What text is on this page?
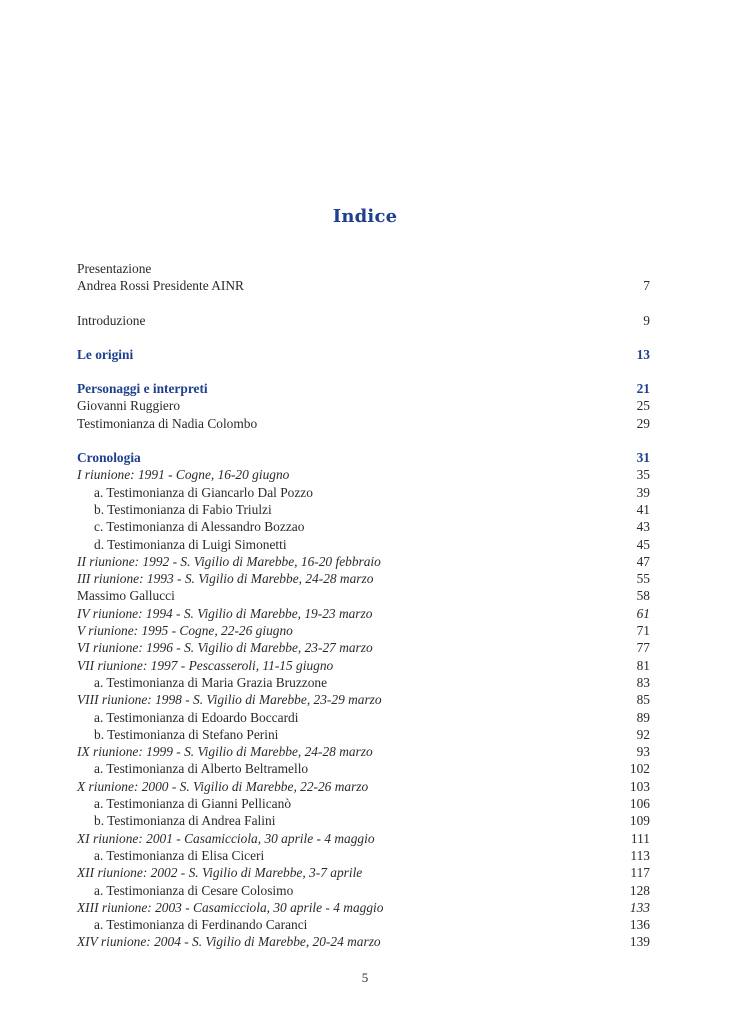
Indice
Presentazione
Andrea Rossi Presidente AINR	7
Introduzione	9
Le origini	13
Personaggi e interpreti	21
Giovanni Ruggiero	25
Testimonianza di Nadia Colombo	29
Cronologia	31
I riunione: 1991 - Cogne, 16-20 giugno	35
a. Testimonianza di Giancarlo Dal Pozzo	39
b. Testimonianza di Fabio Triulzi	41
c. Testimonianza di Alessandro Bozzao	43
d. Testimonianza di Luigi Simonetti	45
II riunione: 1992 - S. Vigilio di Marebbe, 16-20 febbraio	47
III riunione: 1993 - S. Vigilio di Marebbe, 24-28 marzo	55
Massimo Gallucci	58
IV riunione: 1994 - S. Vigilio di Marebbe, 19-23 marzo	61
V riunione: 1995 - Cogne, 22-26 giugno	71
VI riunione: 1996 - S. Vigilio di Marebbe, 23-27 marzo	77
VII riunione: 1997 - Pescasseroli, 11-15 giugno	81
a. Testimonianza di Maria Grazia Bruzzone	83
VIII riunione: 1998 - S. Vigilio di Marebbe, 23-29 marzo	85
a. Testimonianza di Edoardo Boccardi	89
b. Testimonianza di Stefano Perini	92
IX riunione: 1999 - S. Vigilio di Marebbe, 24-28 marzo	93
a. Testimonianza di Alberto Beltramello	102
X riunione: 2000 - S. Vigilio di Marebbe, 22-26 marzo	103
a. Testimonianza di Gianni Pellicanò	106
b. Testimonianza di Andrea Falini	109
XI riunione: 2001 - Casamicciola, 30 aprile - 4 maggio	111
a. Testimonianza di Elisa Ciceri	113
XII riunione: 2002 - S. Vigilio di Marebbe, 3-7 aprile	117
a. Testimonianza di Cesare Colosimo	128
XIII riunione: 2003 - Casamicciola, 30 aprile - 4 maggio	133
a. Testimonianza di Ferdinando Caranci	136
XIV riunione: 2004 - S. Vigilio di Marebbe, 20-24 marzo	139
5
